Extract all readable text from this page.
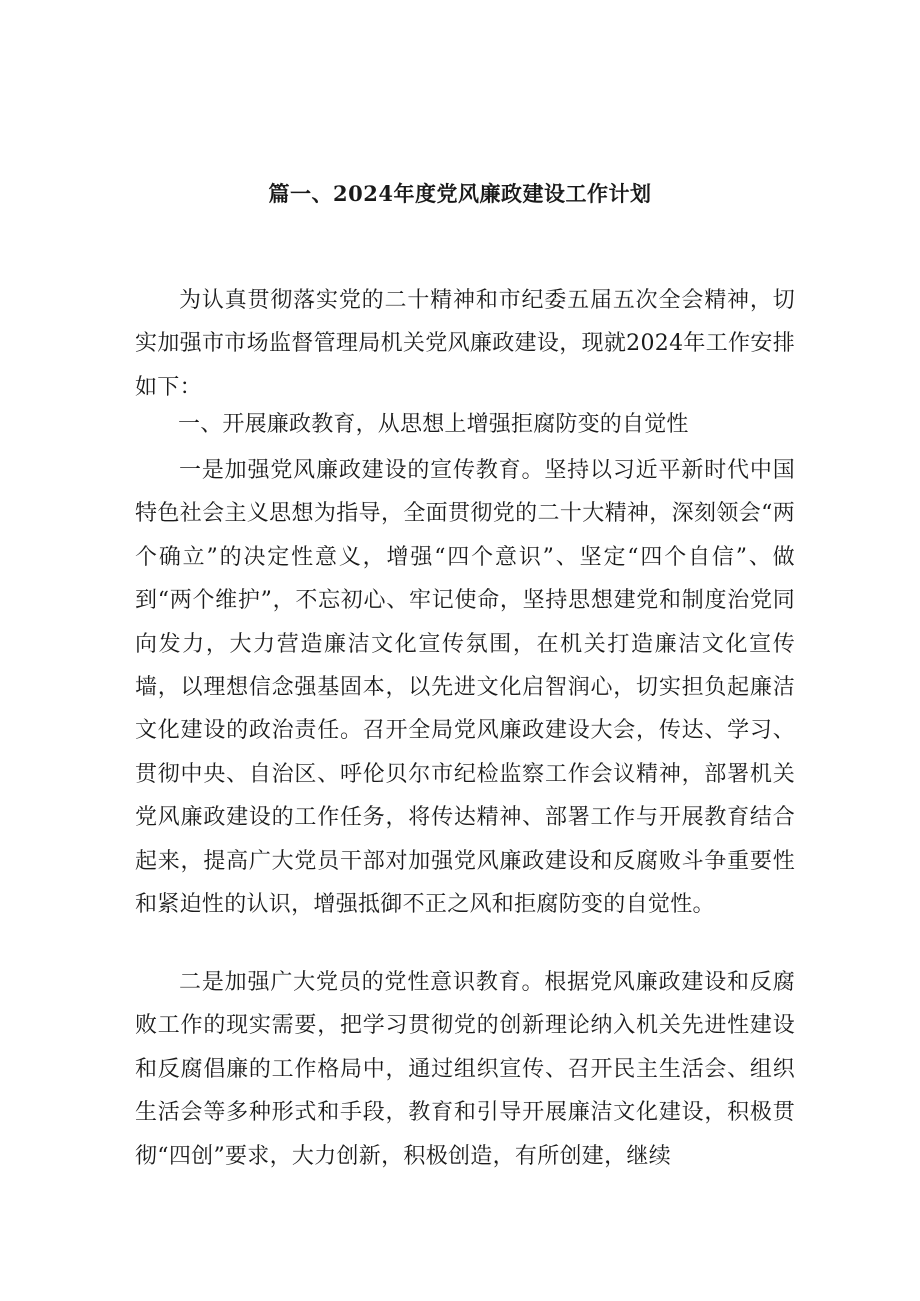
篇一、2024年度党风廉政建设工作计划
为认真贯彻落实党的二十精神和市纪委五届五次全会精神，切实加强市市场监督管理局机关党风廉政建设，现就2024年工作安排如下：
一、开展廉政教育，从思想上增强拒腐防变的自觉性
一是加强党风廉政建设的宣传教育。坚持以习近平新时代中国特色社会主义思想为指导，全面贯彻党的二十大精神，深刻领会“两个确立”的决定性意义，增强“四个意识”、坚定“四个自信”、做到“两个维护”，不忘初心、牢记使命，坚持思想建党和制度治党同向发力，大力营造廉洁文化宣传氛围，在机关打造廉洁文化宣传墙，以理想信念强基固本，以先进文化启智润心，切实担负起廉洁文化建设的政治责任。召开全局党风廉政建设大会，传达、学习、贯彻中央、自治区、呼伦贝尔市纪检监察工作会议精神，部署机关党风廉政建设的工作任务，将传达精神、部署工作与开展教育结合起来，提高广大党员干部对加强党风廉政建设和反腐败斗争重要性和紧迫性的认识，增强抵御不正之风和拒腐防变的自觉性。
二是加强广大党员的党性意识教育。根据党风廉政建设和反腐败工作的现实需要，把学习贯彻党的创新理论纳入机关先进性建设和反腐倡廉的工作格局中，通过组织宣传、召开民主生活会、组织生活会等多种形式和手段，教育和引导开展廉洁文化建设，积极贯彻“四创”要求，大力创新，积极创造，有所创建，继续
